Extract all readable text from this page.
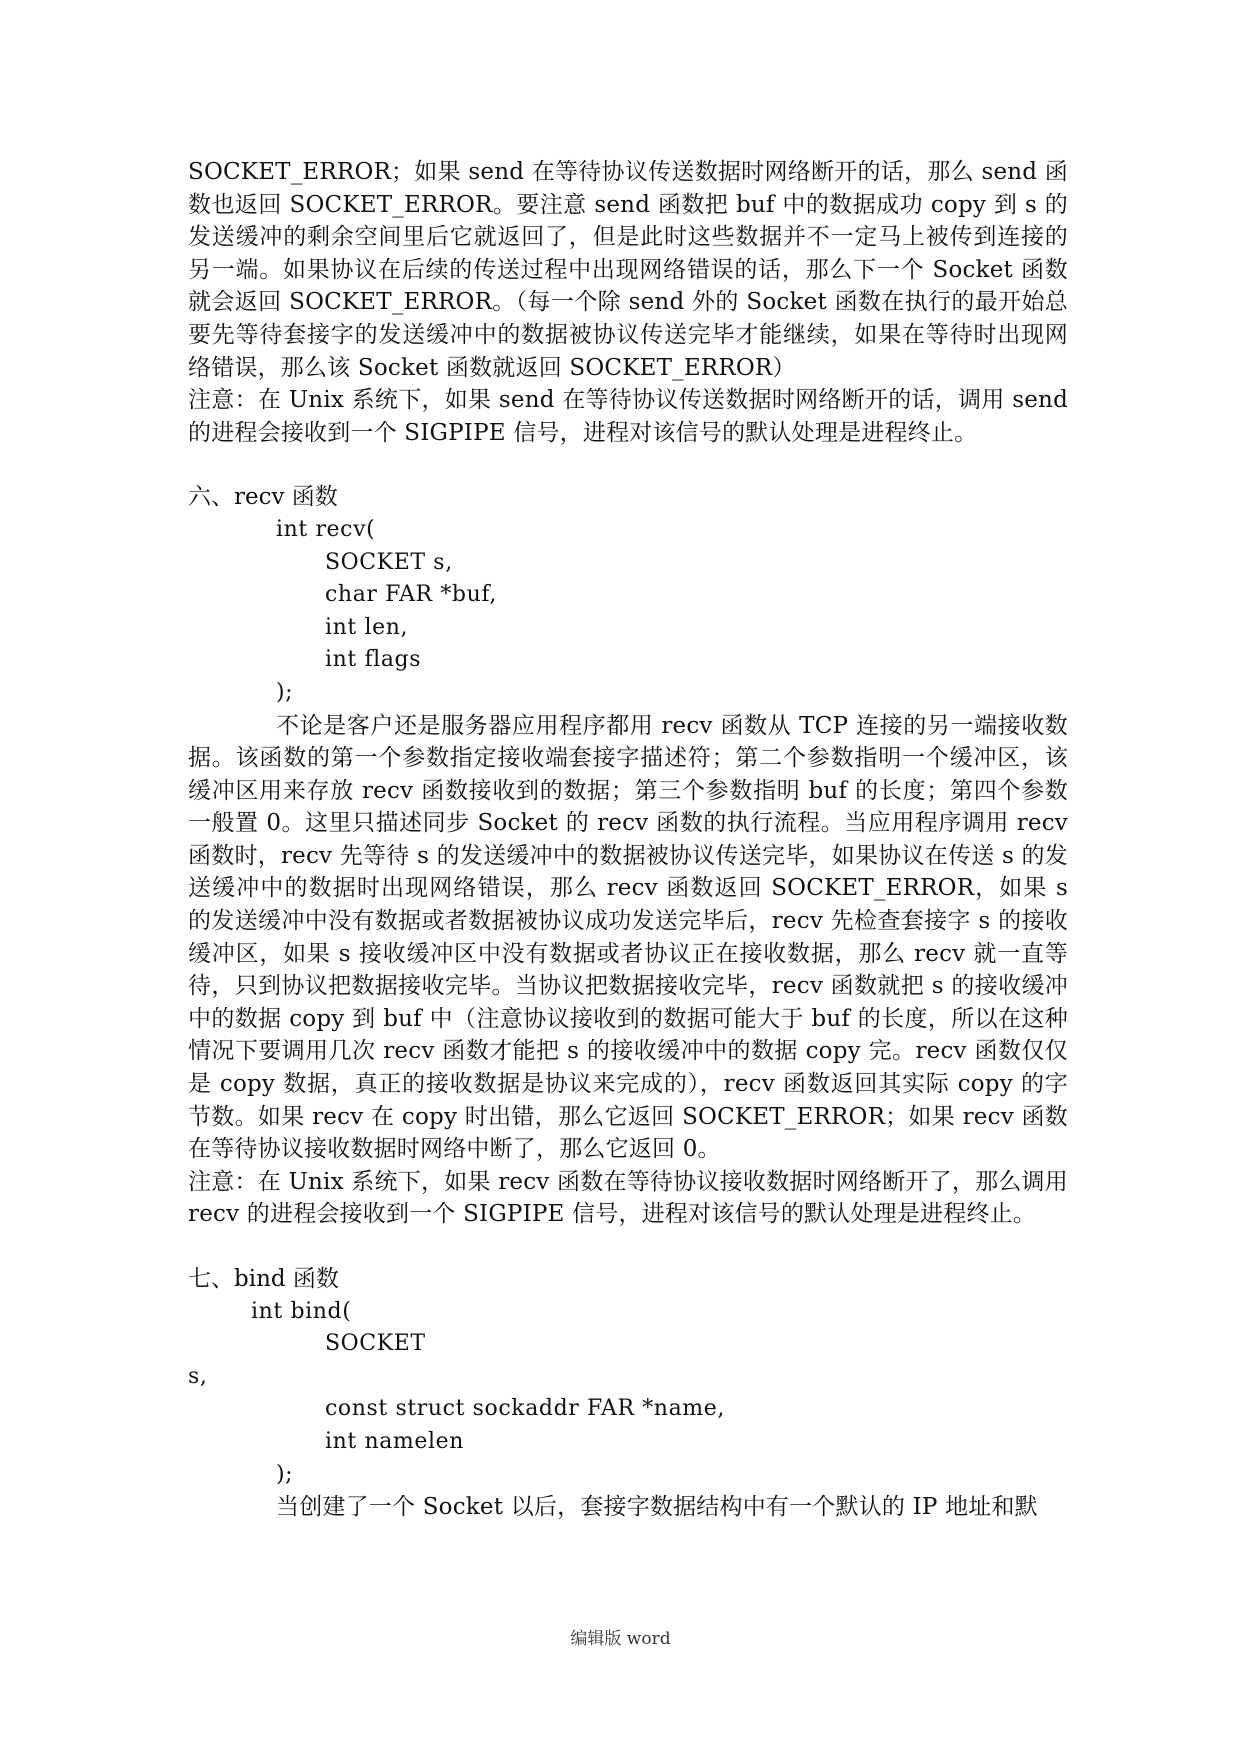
SOCKET_ERROR；如果 send 在等待协议传送数据时网络断开的话，那么 send 函数也返回 SOCKET_ERROR。要注意 send 函数把 buf 中的数据成功 copy 到 s 的发送缓冲的剩余空间里后它就返回了，但是此时这些数据并不一定马上被传到连接的另一端。如果协议在后续的传送过程中出现网络错误的话，那么下一个 Socket 函数就会返回 SOCKET_ERROR。（每一个除 send 外的 Socket 函数在执行的最开始总要先等待套接字的发送缓冲中的数据被协议传送完毕才能继续，如果在等待时出现网络错误，那么该 Socket 函数就返回 SOCKET_ERROR）

注意：在 Unix 系统下，如果 send 在等待协议传送数据时网络断开的话，调用 send 的进程会接收到一个 SIGPIPE 信号，进程对该信号的默认处理是进程终止。

六、recv 函数

int recv(

SOCKET s,

char FAR *buf,

int len,

int flags

);

不论是客户还是服务器应用程序都用 recv 函数从 TCP 连接的另一端接收数据。该函数的第一个参数指定接收端套接字描述符；第二个参数指明一个缓冲区，该缓冲区用来存放 recv 函数接收到的数据；第三个参数指明 buf 的长度；第四个参数一般置 0。这里只描述同步 Socket 的 recv 函数的执行流程。当应用程序调用 recv 函数时，recv 先等待 s 的发送缓冲中的数据被协议传送完毕，如果协议在传送 s 的发送缓冲中的数据时出现网络错误，那么 recv 函数返回 SOCKET_ERROR，如果 s 的发送缓冲中没有数据或者数据被协议成功发送完毕后，recv 先检查套接字 s 的接收缓冲区，如果 s 接收缓冲区中没有数据或者协议正在接收数据，那么 recv 就一直等待，只到协议把数据接收完毕。当协议把数据接收完毕，recv 函数就把 s 的接收缓冲中的数据 copy 到 buf 中（注意协议接收到的数据可能大于 buf 的长度，所以在这种情况下要调用几次 recv 函数才能把 s 的接收缓冲中的数据 copy 完。recv 函数仅仅是 copy 数据，真正的接收数据是协议来完成的），recv 函数返回其实际 copy 的字节数。如果 recv 在 copy 时出错，那么它返回 SOCKET_ERROR；如果 recv 函数在等待协议接收数据时网络中断了，那么它返回 0。

注意：在 Unix 系统下，如果 recv 函数在等待协议接收数据时网络断开了，那么调用 recv 的进程会接收到一个 SIGPIPE 信号，进程对该信号的默认处理是进程终止。

七、bind 函数

int bind(

SOCKET

s,

const struct sockaddr FAR *name,

int namelen

);

当创建了一个 Socket 以后，套接字数据结构中有一个默认的 IP 地址和默

编辑版 word
